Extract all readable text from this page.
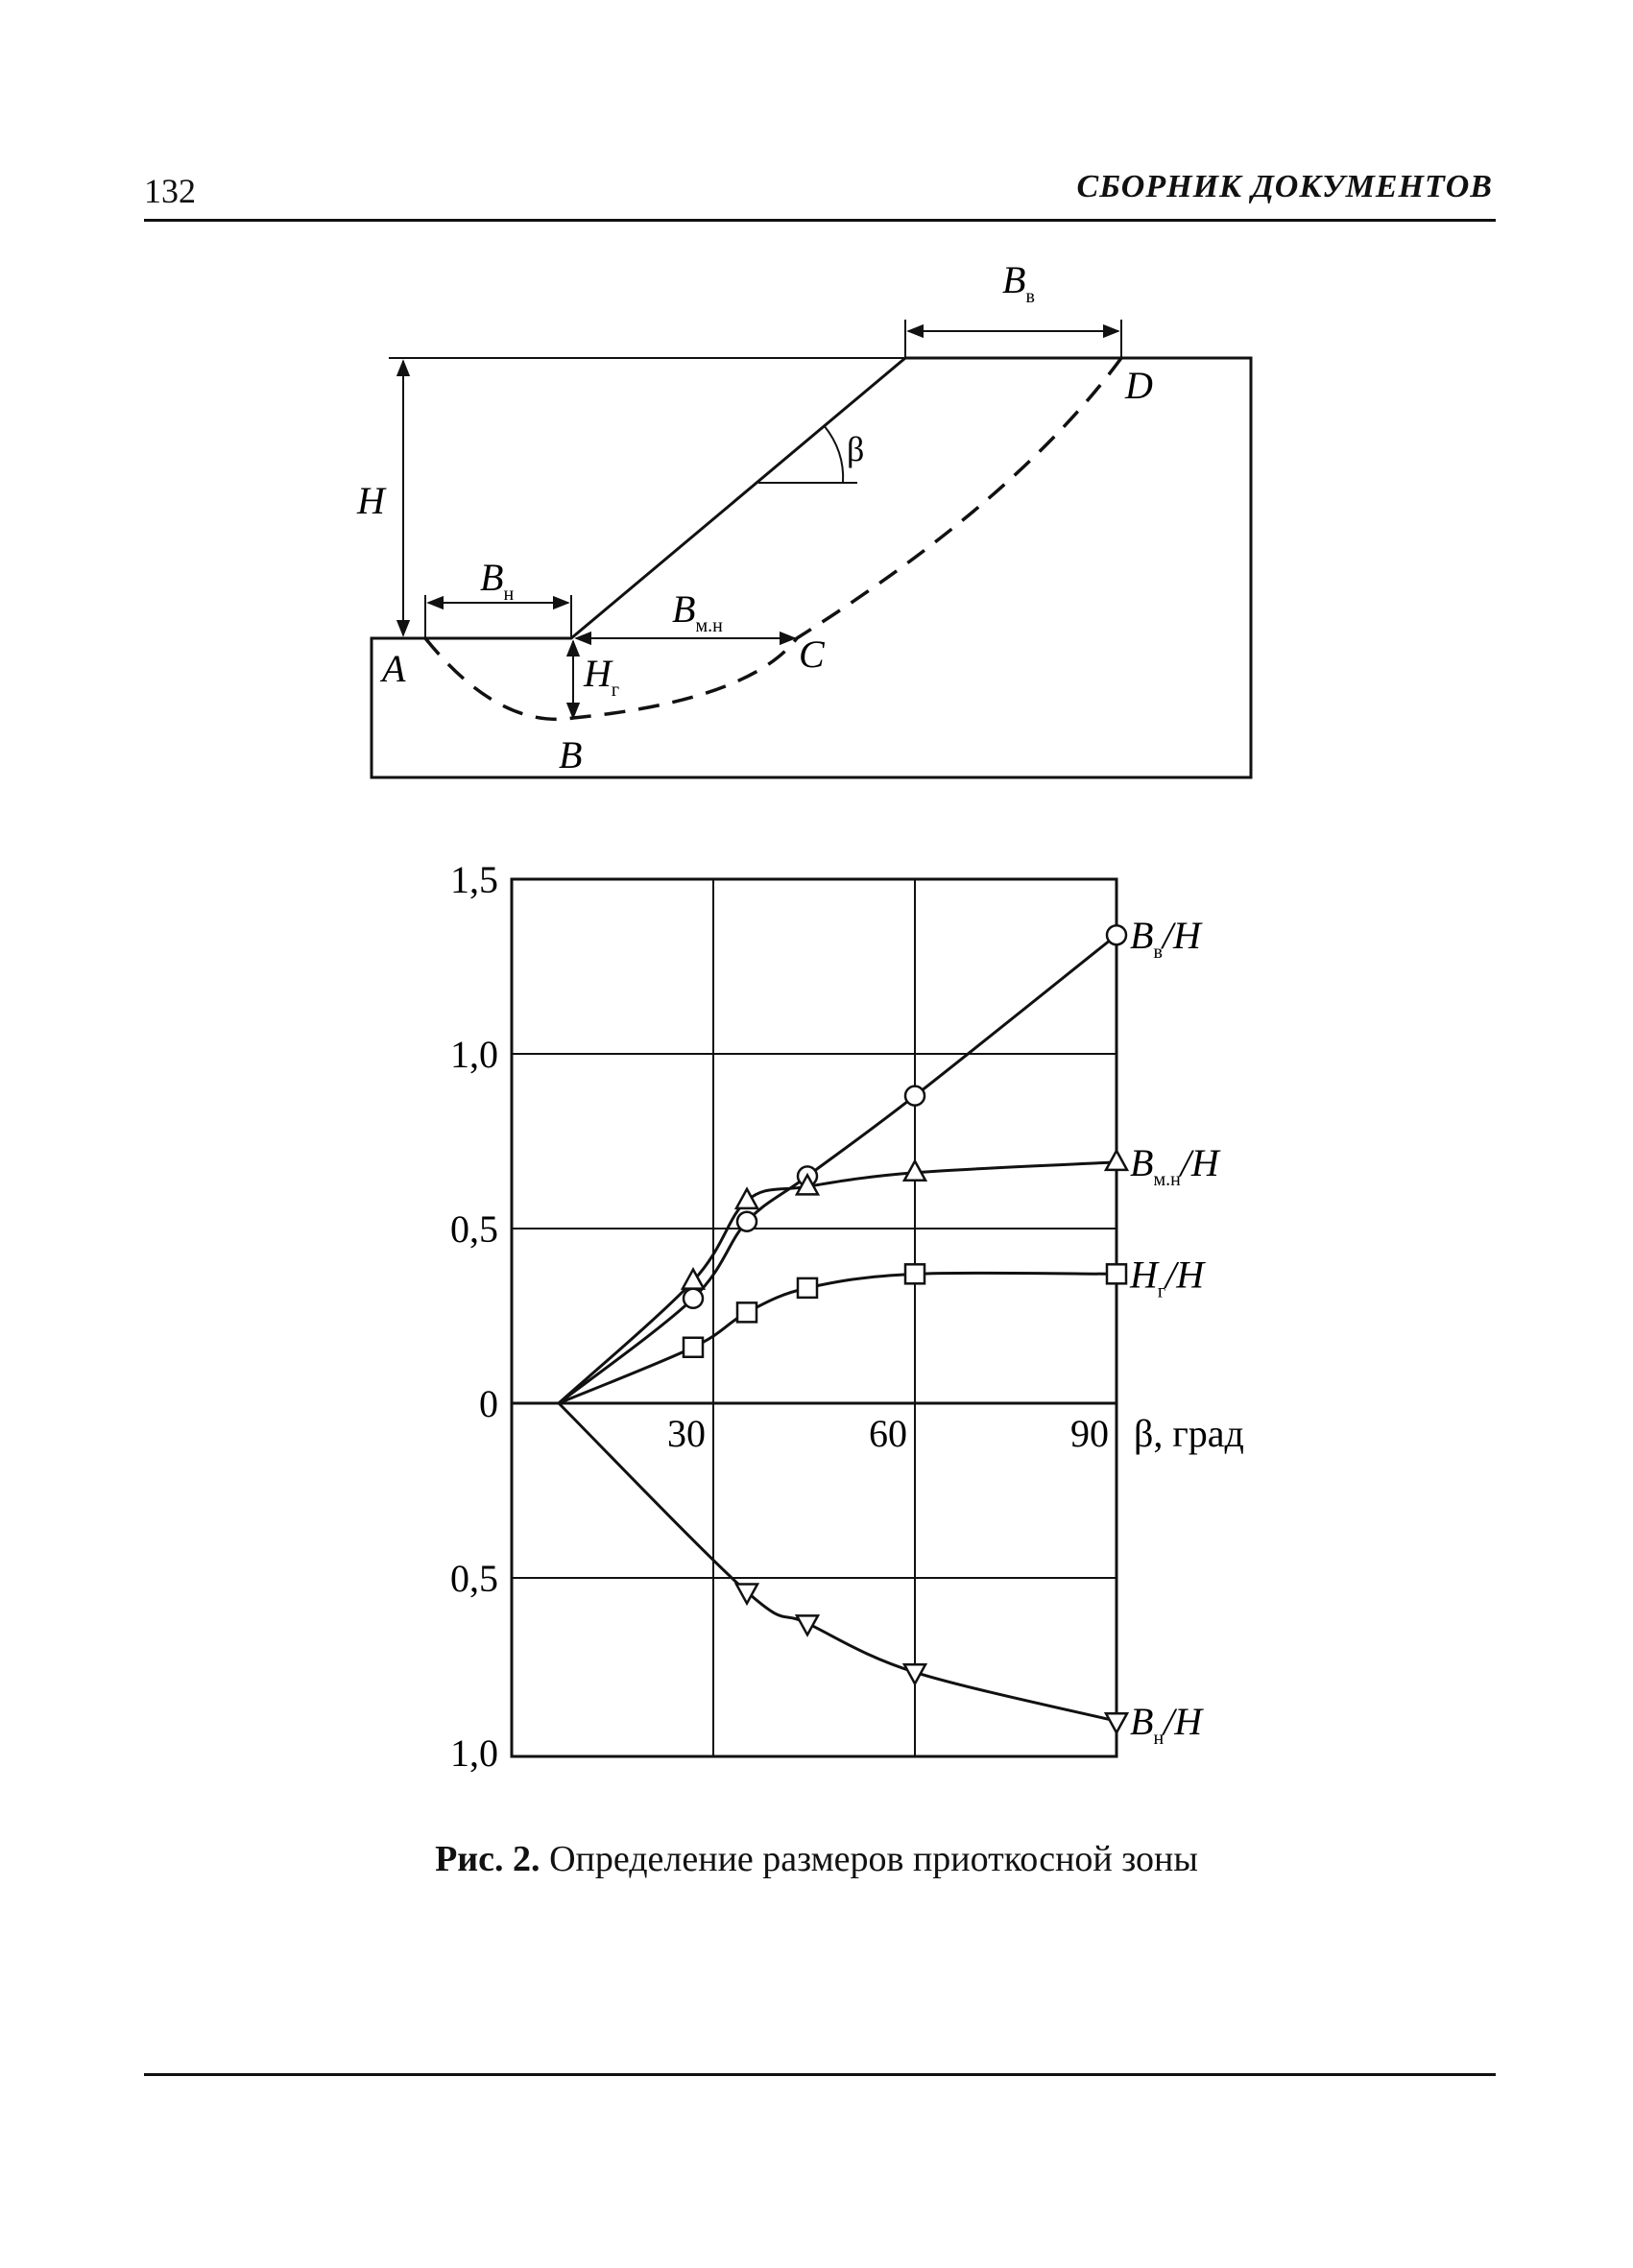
132	СБОРНИК ДОКУМЕНТОВ
H
A
B
C
D
β
$B_в$
$B_н$	$B_{м.н}$
$H_г$
1,5
1,0
0,5
0
0,5
1,0
30	60	90 β, град
$B_в/H$
$B_{м.н}/H$
$H_г/H$
$B_н/H$
Рис. 2. Определение размеров приоткосной зоны
